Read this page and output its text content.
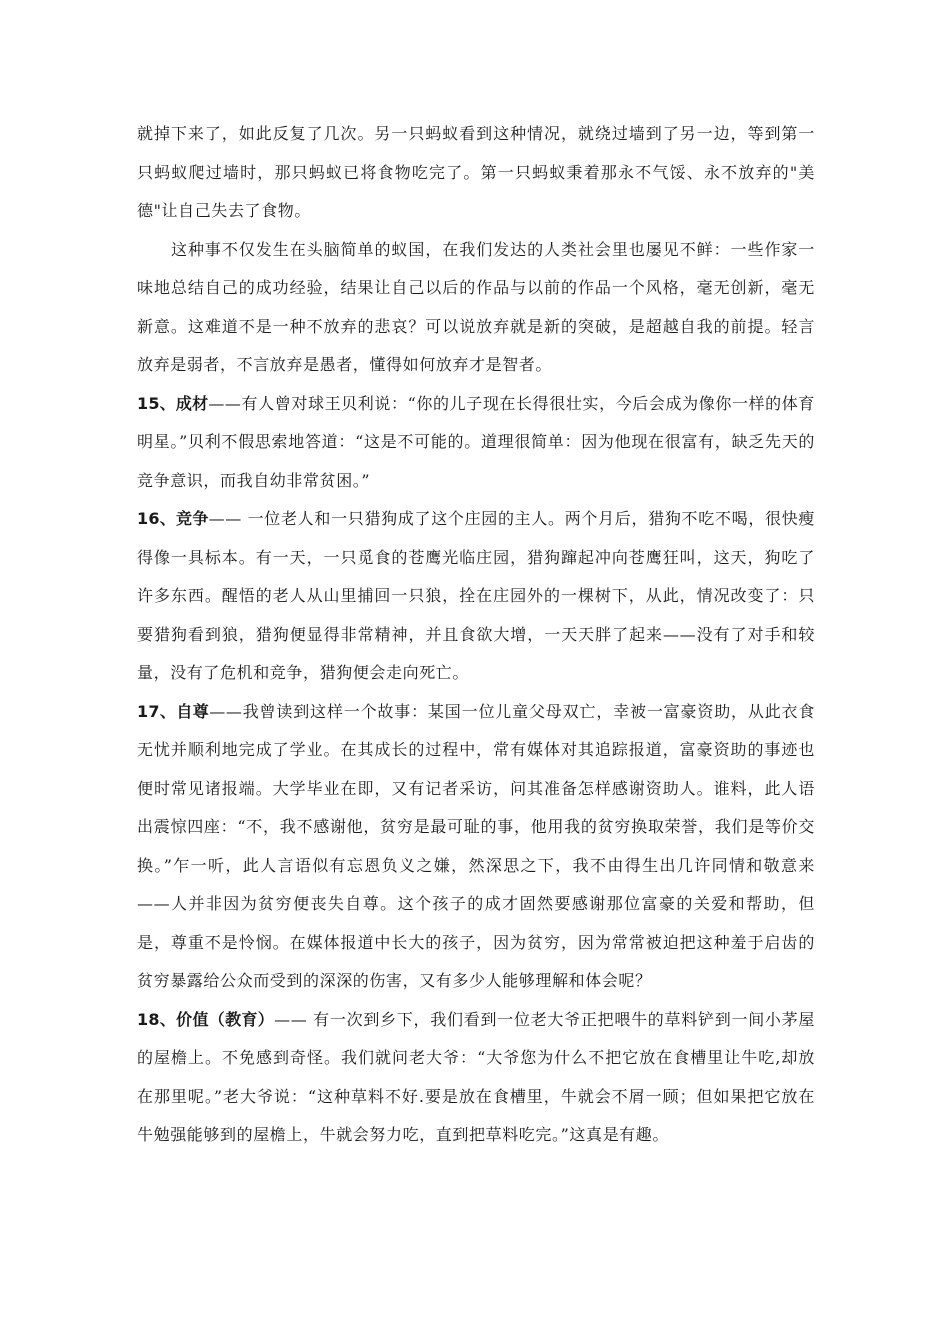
就掉下来了，如此反复了几次。另一只蚂蚁看到这种情况，就绕过墙到了另一边，等到第一只蚂蚁爬过墙时，那只蚂蚁已将食物吃完了。第一只蚂蚁秉着那永不气馁、永不放弃的"美德"让自己失去了食物。

这种事不仅发生在头脑简单的蚁国，在我们发达的人类社会里也屡见不鲜：一些作家一味地总结自己的成功经验，结果让自己以后的作品与以前的作品一个风格，毫无创新，毫无新意。这难道不是一种不放弃的悲哀？可以说放弃就是新的突破，是超越自我的前提。轻言放弃是弱者，不言放弃是愚者，懂得如何放弃才是智者。

15、成材——有人曾对球王贝利说：“你的儿子现在长得很壮实，今后会成为像你一样的体育明星。”贝利不假思索地答道：“这是不可能的。道理很简单：因为他现在很富有，缺乏先天的竞争意识，而我自幼非常贫困。”

16、竞争—— 一位老人和一只猎狗成了这个庄园的主人。两个月后，猎狗不吃不喝，很快瘦得像一具标本。有一天，一只觅食的苍鹰光临庄园，猎狗蹿起冲向苍鹰狂叫，这天，狗吃了许多东西。醒悟的老人从山里捕回一只狼，拴在庄园外的一棵树下，从此，情况改变了：只要猎狗看到狼，猎狗便显得非常精神，并且食欲大增，一天天胖了起来——没有了对手和较量，没有了危机和竞争，猎狗便会走向死亡。

17、自尊——我曾读到这样一个故事：某国一位儿童父母双亡，幸被一富豪资助，从此衣食无忧并顺利地完成了学业。在其成长的过程中，常有媒体对其追踪报道，富豪资助的事迹也便时常见诸报端。大学毕业在即，又有记者采访，问其准备怎样感谢资助人。谁料，此人语出震惊四座：“不，我不感谢他，贫穷是最可耻的事，他用我的贫穷换取荣誉，我们是等价交换。”乍一听，此人言语似有忘恩负义之嫌，然深思之下，我不由得生出几许同情和敬意来——人并非因为贫穷便丧失自尊。这个孩子的成才固然要感谢那位富豪的关爱和帮助，但是，尊重不是怜悯。在媒体报道中长大的孩子，因为贫穷，因为常常被迫把这种羞于启齿的贫穷暴露给公众而受到的深深的伤害，又有多少人能够理解和体会呢？

18、价值（教育）—— 有一次到乡下，我们看到一位老大爷正把喂牛的草料铲到一间小茅屋的屋檐上。不免感到奇怪。我们就问老大爷：“大爷您为什么不把它放在食槽里让牛吃,却放在那里呢。”老大爷说：“这种草料不好.要是放在食槽里，牛就会不屑一顾；但如果把它放在牛勉强能够到的屋檐上，牛就会努力吃，直到把草料吃完。”这真是有趣。
